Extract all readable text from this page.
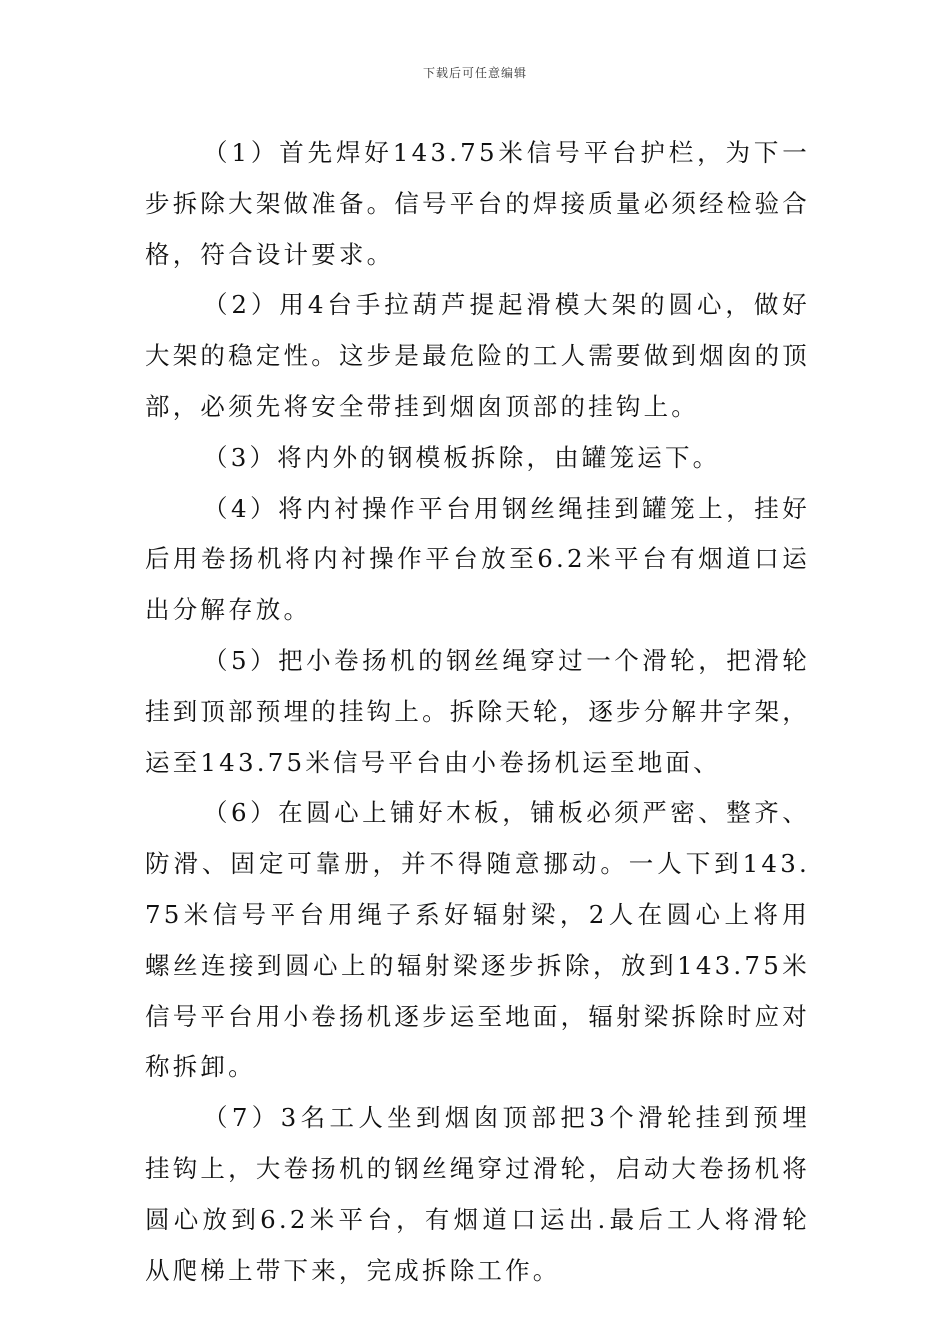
下载后可任意编辑

（1）首先焊好143.75米信号平台护栏，为下一步拆除大架做准备。信号平台的焊接质量必须经检验合格，符合设计要求。

（2）用4台手拉葫芦提起滑模大架的圆心，做好大架的稳定性。这步是最危险的工人需要做到烟囱的顶部，必须先将安全带挂到烟囱顶部的挂钩上。

（3）将内外的钢模板拆除，由罐笼运下。

（4）将内衬操作平台用钢丝绳挂到罐笼上，挂好后用卷扬机将内衬操作平台放至6.2米平台有烟道口运出分解存放。

（5）把小卷扬机的钢丝绳穿过一个滑轮，把滑轮挂到顶部预埋的挂钩上。拆除天轮，逐步分解井字架，运至143.75米信号平台由小卷扬机运至地面、

（6）在圆心上铺好木板，铺板必须严密、整齐、防滑、固定可靠册，并不得随意挪动。一人下到143.75米信号平台用绳子系好辐射梁，2人在圆心上将用螺丝连接到圆心上的辐射梁逐步拆除，放到143.75米信号平台用小卷扬机逐步运至地面，辐射梁拆除时应对称拆卸。

（7）3名工人坐到烟囱顶部把3个滑轮挂到预埋挂钩上，大卷扬机的钢丝绳穿过滑轮，启动大卷扬机将圆心放到6.2米平台，有烟道口运出.最后工人将滑轮从爬梯上带下来，完成拆除工作。
